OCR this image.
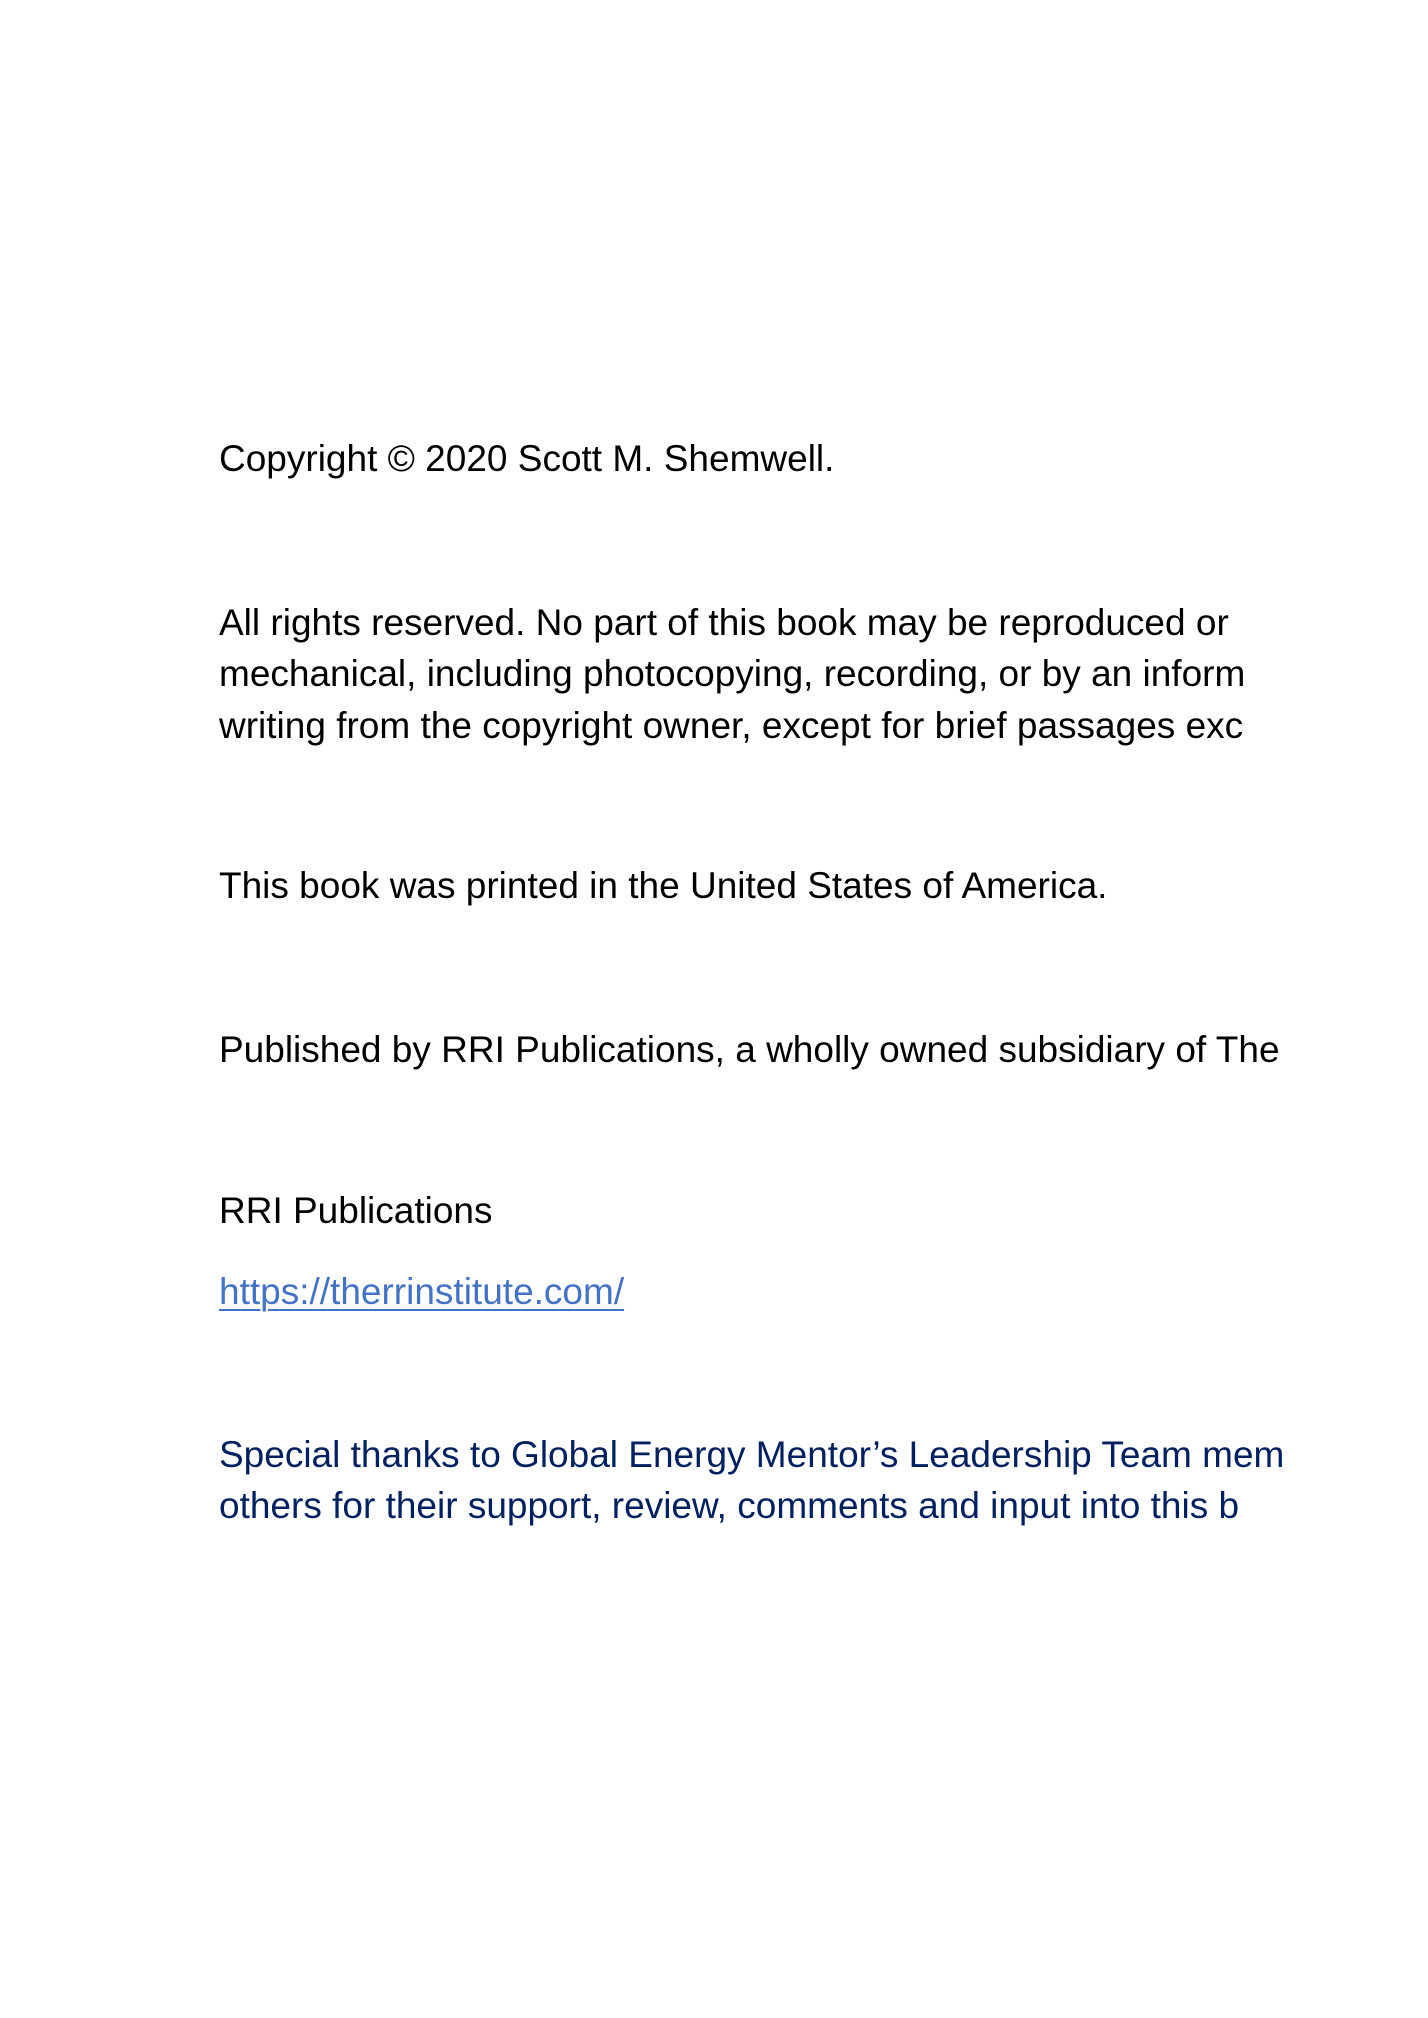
Copyright © 2020 Scott M. Shemwell.
All rights reserved. No part of this book may be reproduced or
mechanical, including photocopying, recording, or by an inform
writing from the copyright owner, except for brief passages exc
This book was printed in the United States of America.
Published by RRI Publications, a wholly owned subsidiary of The
RRI Publications
https://therrinstitute.com/
Special thanks to Global Energy Mentor’s Leadership Team mem
others for their support, review, comments and input into this b
